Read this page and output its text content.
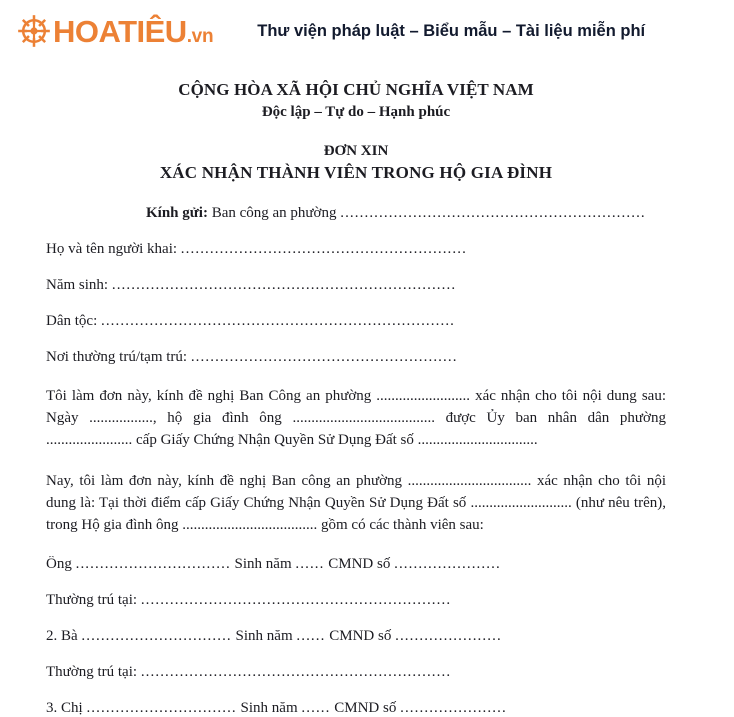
HOATIÊU .vn	Thư viện pháp luật – Biểu mẫu – Tài liệu miễn phí
CỘNG HÒA XÃ HỘI CHỦ NGHĨA VIỆT NAM
Độc lập – Tự do – Hạnh phúc
ĐƠN XIN
XÁC NHẬN THÀNH VIÊN TRONG HỘ GIA ĐÌNH
Kính gửi: Ban công an phường ...............................................................
Họ và tên người khai: ...........................................................
Năm sinh: .......................................................................
Dân tộc: .........................................................................
Nơi thường trú/tạm trú: .......................................................
Tôi làm đơn này, kính đề nghị Ban Công an phường ......................... xác nhận cho tôi nội dung sau: Ngày ................., hộ gia đình ông ...................................... được Ủy ban nhân dân phường ....................... cấp Giấy Chứng Nhận Quyền Sử Dụng Đất số ................................
Nay, tôi làm đơn này, kính đề nghị Ban công an phường ................................. xác nhận cho tôi nội dung là: Tại thời điểm cấp Giấy Chứng Nhận Quyền Sử Dụng Đất số ........................... (như nêu trên), trong Hộ gia đình ông .................................... gồm có các thành viên sau:
Ông ................................ Sinh năm ...... CMND số ......................
Thường trú tại: ................................................................
2. Bà ............................... Sinh năm ...... CMND số ......................
Thường trú tại: ................................................................
3. Chị ............................... Sinh năm ...... CMND số ......................
